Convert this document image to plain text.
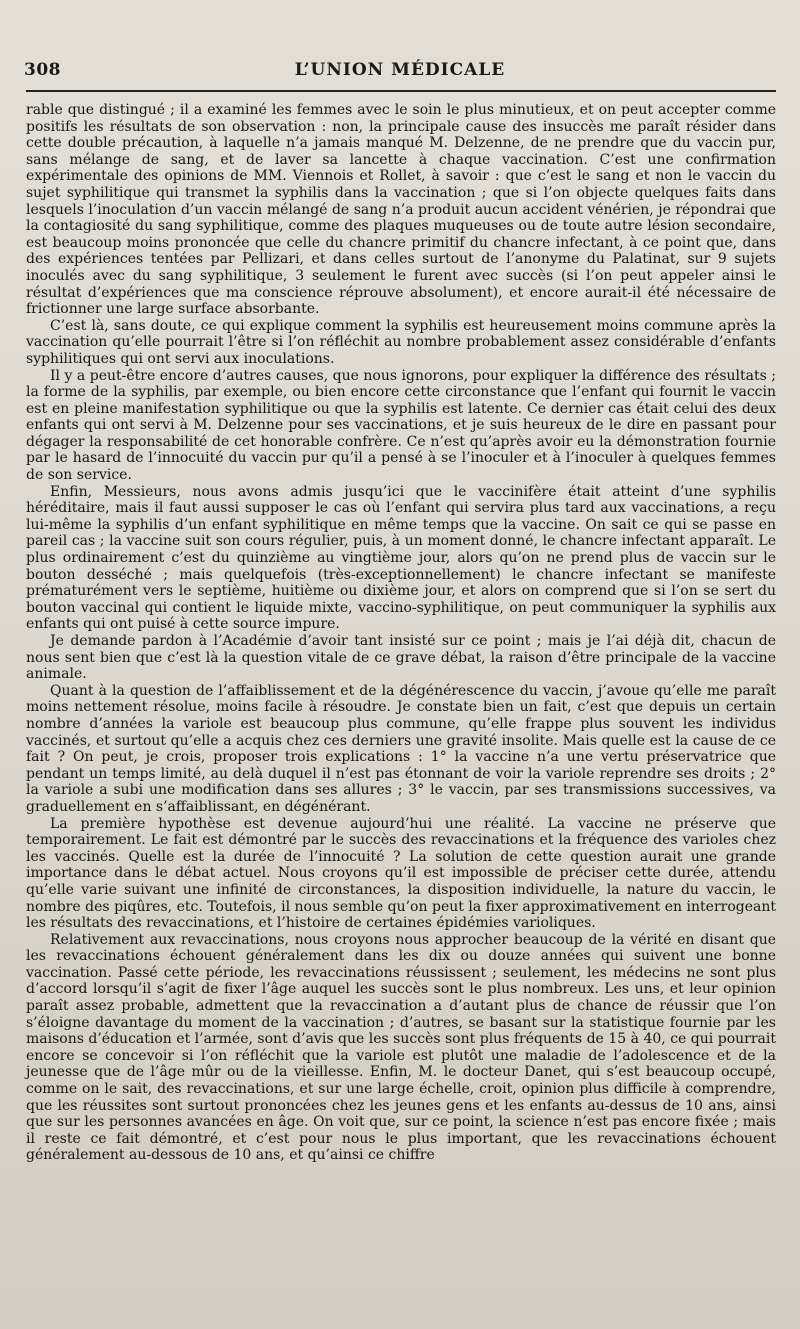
308	L’UNION MÉDICALE

rable que distingué ; il a examiné les femmes avec le soin le plus minutieux, et on peut accepter comme positifs les résultats de son observation : non, la principale cause des insuccès me paraît résider dans cette double précaution, à laquelle n’a jamais manqué M. Delzenne, de ne prendre que du vaccin pur, sans mélange de sang, et de laver sa lancette à chaque vaccination. C’est une confirmation expérimentale des opinions de MM. Viennois et Rollet, à savoir : que c’est le sang et non le vaccin du sujet syphilitique qui transmet la syphilis dans la vaccination ; que si l’on objecte quelques faits dans lesquels l’inoculation d’un vaccin mélangé de sang n’a produit aucun accident vénérien, je répondrai que la contagiosité du sang syphilitique, comme des plaques muqueuses ou de toute autre lésion secondaire, est beaucoup moins prononcée que celle du chancre primitif du chancre infectant, à ce point que, dans des expériences tentées par Pellizari, et dans celles surtout de l’anonyme du Palatinat, sur 9 sujets inoculés avec du sang syphilitique, 3 seulement le furent avec succès (si l’on peut appeler ainsi le résultat d’expériences que ma conscience réprouve absolument), et encore aurait-il été nécessaire de frictionner une large surface absorbante.

C’est là, sans doute, ce qui explique comment la syphilis est heureusement moins commune après la vaccination qu’elle pourrait l’être si l’on réfléchit au nombre probablement assez considérable d’enfants syphilitiques qui ont servi aux inoculations.

Il y a peut-être encore d’autres causes, que nous ignorons, pour expliquer la différence des résultats ; la forme de la syphilis, par exemple, ou bien encore cette circonstance que l’enfant qui fournit le vaccin est en pleine manifestation syphilitique ou que la syphilis est latente. Ce dernier cas était celui des deux enfants qui ont servi à M. Delzenne pour ses vaccinations, et je suis heureux de le dire en passant pour dégager la responsabilité de cet honorable confrère. Ce n’est qu’après avoir eu la démonstration fournie par le hasard de l’innocuité du vaccin pur qu’il a pensé à se l’inoculer et à l’inoculer à quelques femmes de son service.

Enfin, Messieurs, nous avons admis jusqu’ici que le vaccinifère était atteint d’une syphilis héréditaire, mais il faut aussi supposer le cas où l’enfant qui servira plus tard aux vaccinations, a reçu lui-même la syphilis d’un enfant syphilitique en même temps que la vaccine. On sait ce qui se passe en pareil cas ; la vaccine suit son cours régulier, puis, à un moment donné, le chancre infectant apparaît. Le plus ordinairement c’est du quinzième au vingtième jour, alors qu’on ne prend plus de vaccin sur le bouton desséché ; mais quelquefois (très-exceptionnellement) le chancre infectant se manifeste prématurément vers le septième, huitième ou dixième jour, et alors on comprend que si l’on se sert du bouton vaccinal qui contient le liquide mixte, vaccino-syphilitique, on peut communiquer la syphilis aux enfants qui ont puisé à cette source impure.

Je demande pardon à l’Académie d’avoir tant insisté sur ce point ; mais je l’ai déjà dit, chacun de nous sent bien que c’est là la question vitale de ce grave débat, la raison d’être principale de la vaccine animale.

Quant à la question de l’affaiblissement et de la dégénérescence du vaccin, j’avoue qu’elle me paraît moins nettement résolue, moins facile à résoudre. Je constate bien un fait, c’est que depuis un certain nombre d’années la variole est beaucoup plus commune, qu’elle frappe plus souvent les individus vaccinés, et surtout qu’elle a acquis chez ces derniers une gravité insolite. Mais quelle est la cause de ce fait ? On peut, je crois, proposer trois explications : 1° la vaccine n’a une vertu préservatrice que pendant un temps limité, au delà duquel il n’est pas étonnant de voir la variole reprendre ses droits ; 2° la variole a subi une modification dans ses allures ; 3° le vaccin, par ses transmissions successives, va graduellement en s’affaiblissant, en dégénérant.

La première hypothèse est devenue aujourd’hui une réalité. La vaccine ne préserve que temporairement. Le fait est démontré par le succès des revaccinations et la fréquence des varioles chez les vaccinés. Quelle est la durée de l’innocuité ? La solution de cette question aurait une grande importance dans le débat actuel. Nous croyons qu’il est impossible de préciser cette durée, attendu qu’elle varie suivant une infinité de circonstances, la disposition individuelle, la nature du vaccin, le nombre des piqûres, etc. Toutefois, il nous semble qu’on peut la fixer approximativement en interrogeant les résultats des revaccinations, et l’histoire de certaines épidémies varioliques.

Relativement aux revaccinations, nous croyons nous approcher beaucoup de la vérité en disant que les revaccinations échouent généralement dans les dix ou douze années qui suivent une bonne vaccination. Passé cette période, les revaccinations réussissent ; seulement, les médecins ne sont plus d’accord lorsqu’il s’agit de fixer l’âge auquel les succès sont le plus nombreux. Les uns, et leur opinion paraît assez probable, admettent que la revaccination a d’autant plus de chance de réussir que l’on s’éloigne davantage du moment de la vaccination ; d’autres, se basant sur la statistique fournie par les maisons d’éducation et l’armée, sont d’avis que les succès sont plus fréquents de 15 à 40, ce qui pourrait encore se concevoir si l’on réfléchit que la variole est plutôt une maladie de l’adolescence et de la jeunesse que de l’âge mûr ou de la vieillesse. Enfin, M. le docteur Danet, qui s’est beaucoup occupé, comme on le sait, des revaccinations, et sur une large échelle, croit, opinion plus difficile à comprendre, que les réussites sont surtout prononcées chez les jeunes gens et les enfants au-dessus de 10 ans, ainsi que sur les personnes avancées en âge. On voit que, sur ce point, la science n’est pas encore fixée ; mais il reste ce fait démontré, et c’est pour nous le plus important, que les revaccinations échouent généralement au-dessous de 10 ans, et qu’ainsi ce chiffre
